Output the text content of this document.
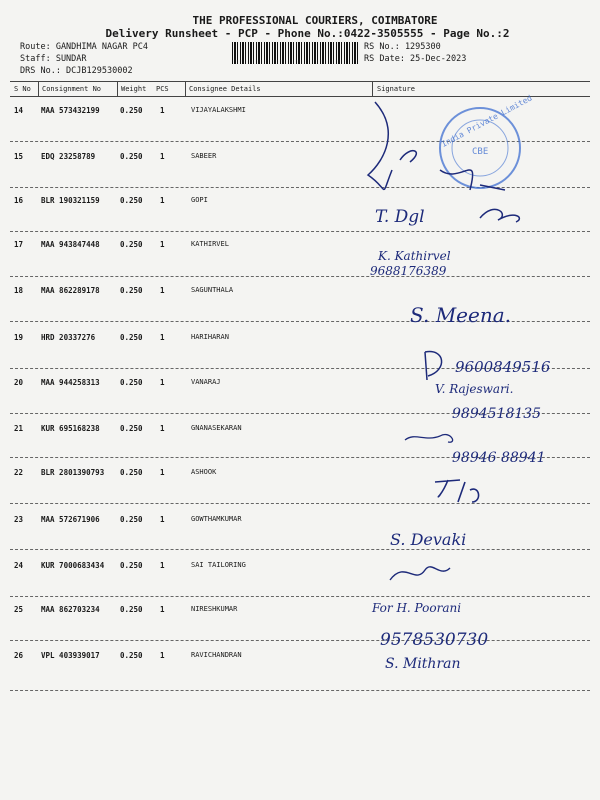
THE PROFESSIONAL COURIERS, COIMBATORE
Delivery Runsheet - PCP - Phone No.:0422-3505555 - Page No.:2
Route: GANDHIMA NAGAR PC4
Staff: SUNDAR
DRS No.: DCJB129530002
RS No.: 1295300
RS Date: 25-Dec-2023
S No Consignment No	Weight PCS	Consignee Details	Signature
14 MAA 573432199	0.250 1	VIJAYALAKSHMI
15 EDQ 23258789	0.250 1	SABEER
16 BLR 190321159	0.250 1	GOPI
17 MAA 943847448	0.250 1	KATHIRVEL
18 MAA 862289178	0.250 1	SAGUNTHALA
19 HRD 20337276	0.250 1	HARIHARAN
20 MAA 944258313	0.250 1	VANARAJ
21 KUR 695168238	0.250 1	GNANASEKARAN
22 BLR 2801390793 0.250 1	ASHOOK
23 MAA 572671906	0.250 1	GOWTHAMKUMAR
24 KUR 7000683434 0.250 1	SAI TAILORING
25 MAA 862703234	0.250 1	NIRESHKUMAR
26 VPL 403939017	0.250 1	RAVICHANDRAN
India Private Limited
CBE
T. Dgl
K. Kathirvel
9688176389
S. Meena.
9600849516
V. Rajeswari.
9894518135
98946 88941
S. Devaki
For H. Poorani
9578530730
S. Mithran
